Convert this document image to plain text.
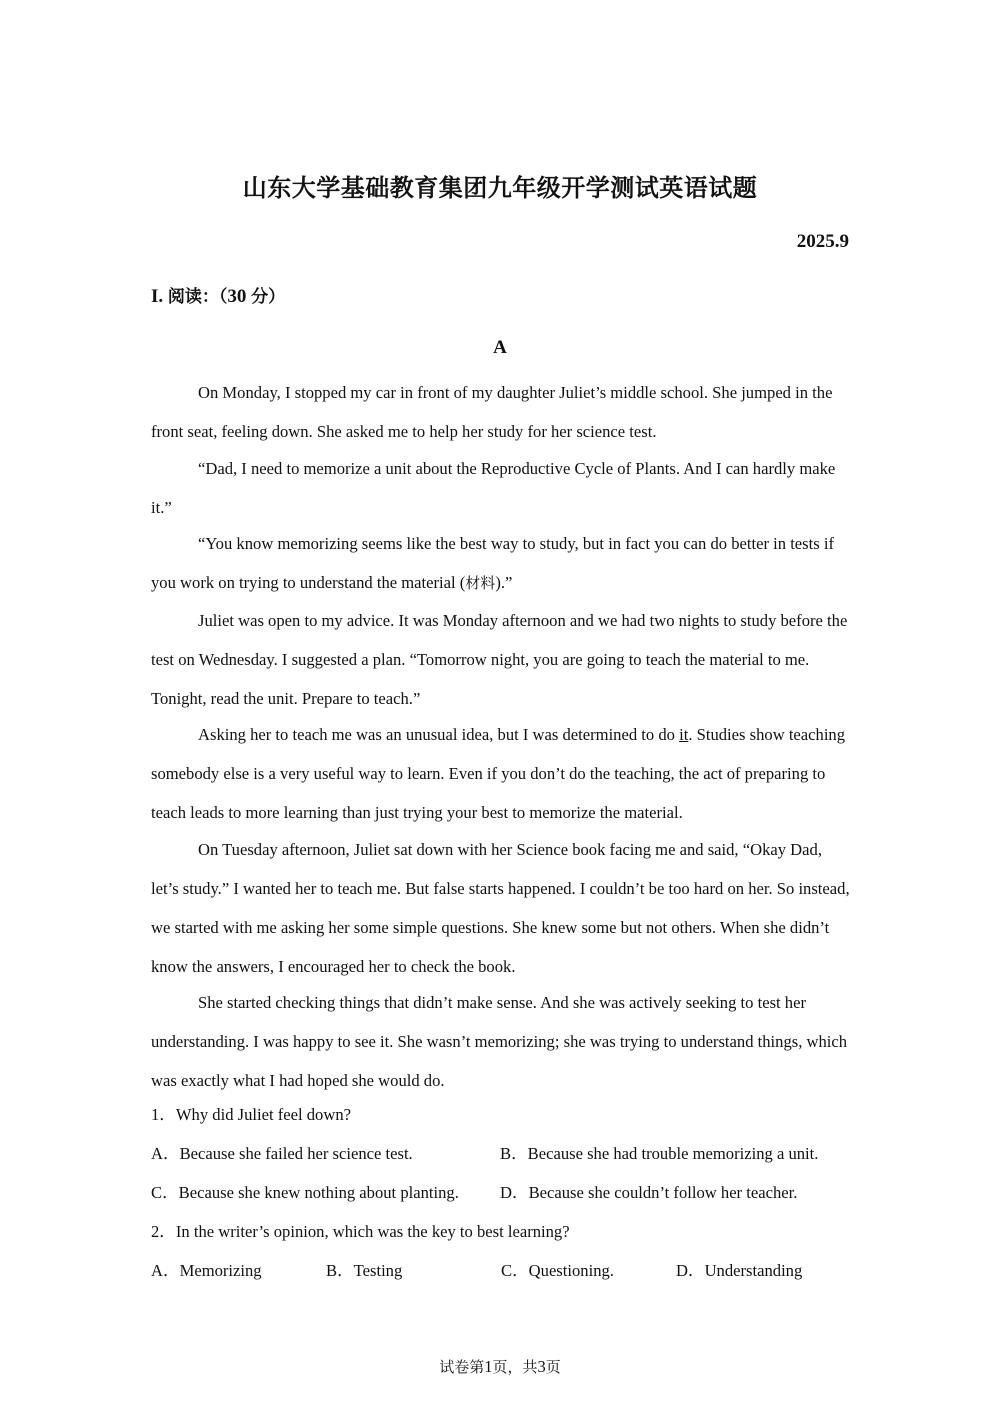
山东大学基础教育集团九年级开学测试英语试题
2025.9
I. 阅读：（30 分）
A

On Monday, I stopped my car in front of my daughter Juliet’s middle school. She jumped in the front seat, feeling down. She asked me to help her study for her science test.

“Dad, I need to memorize a unit about the Reproductive Cycle of Plants. And I can hardly make it.”

“You know memorizing seems like the best way to study, but in fact you can do better in tests if you work on trying to understand the material (材料).”

Juliet was open to my advice. It was Monday afternoon and we had two nights to study before the test on Wednesday. I suggested a plan. “Tomorrow night, you are going to teach the material to me. Tonight, read the unit. Prepare to teach.”

Asking her to teach me was an unusual idea, but I was determined to do it. Studies show teaching somebody else is a very useful way to learn. Even if you don’t do the teaching, the act of preparing to teach leads to more learning than just trying your best to memorize the material.

On Tuesday afternoon, Juliet sat down with her Science book facing me and said, “Okay Dad, let’s study.” I wanted her to teach me. But false starts happened. I couldn’t be too hard on her. So instead, we started with me asking her some simple questions. She knew some but not others. When she didn’t know the answers, I encouraged her to check the book.

She started checking things that didn’t make sense. And she was actively seeking to test her understanding. I was happy to see it. She wasn’t memorizing; she was trying to understand things, which was exactly what I had hoped she would do.

1．Why did Juliet feel down?
A．Because she failed her science test.	B．Because she had trouble memorizing a unit.
C．Because she knew nothing about planting.	D．Because she couldn’t follow her teacher.
2．In the writer’s opinion, which was the key to best learning?
A．Memorizing	B．Testing	C．Questioning.	D．Understanding
试卷第1页，共3页
